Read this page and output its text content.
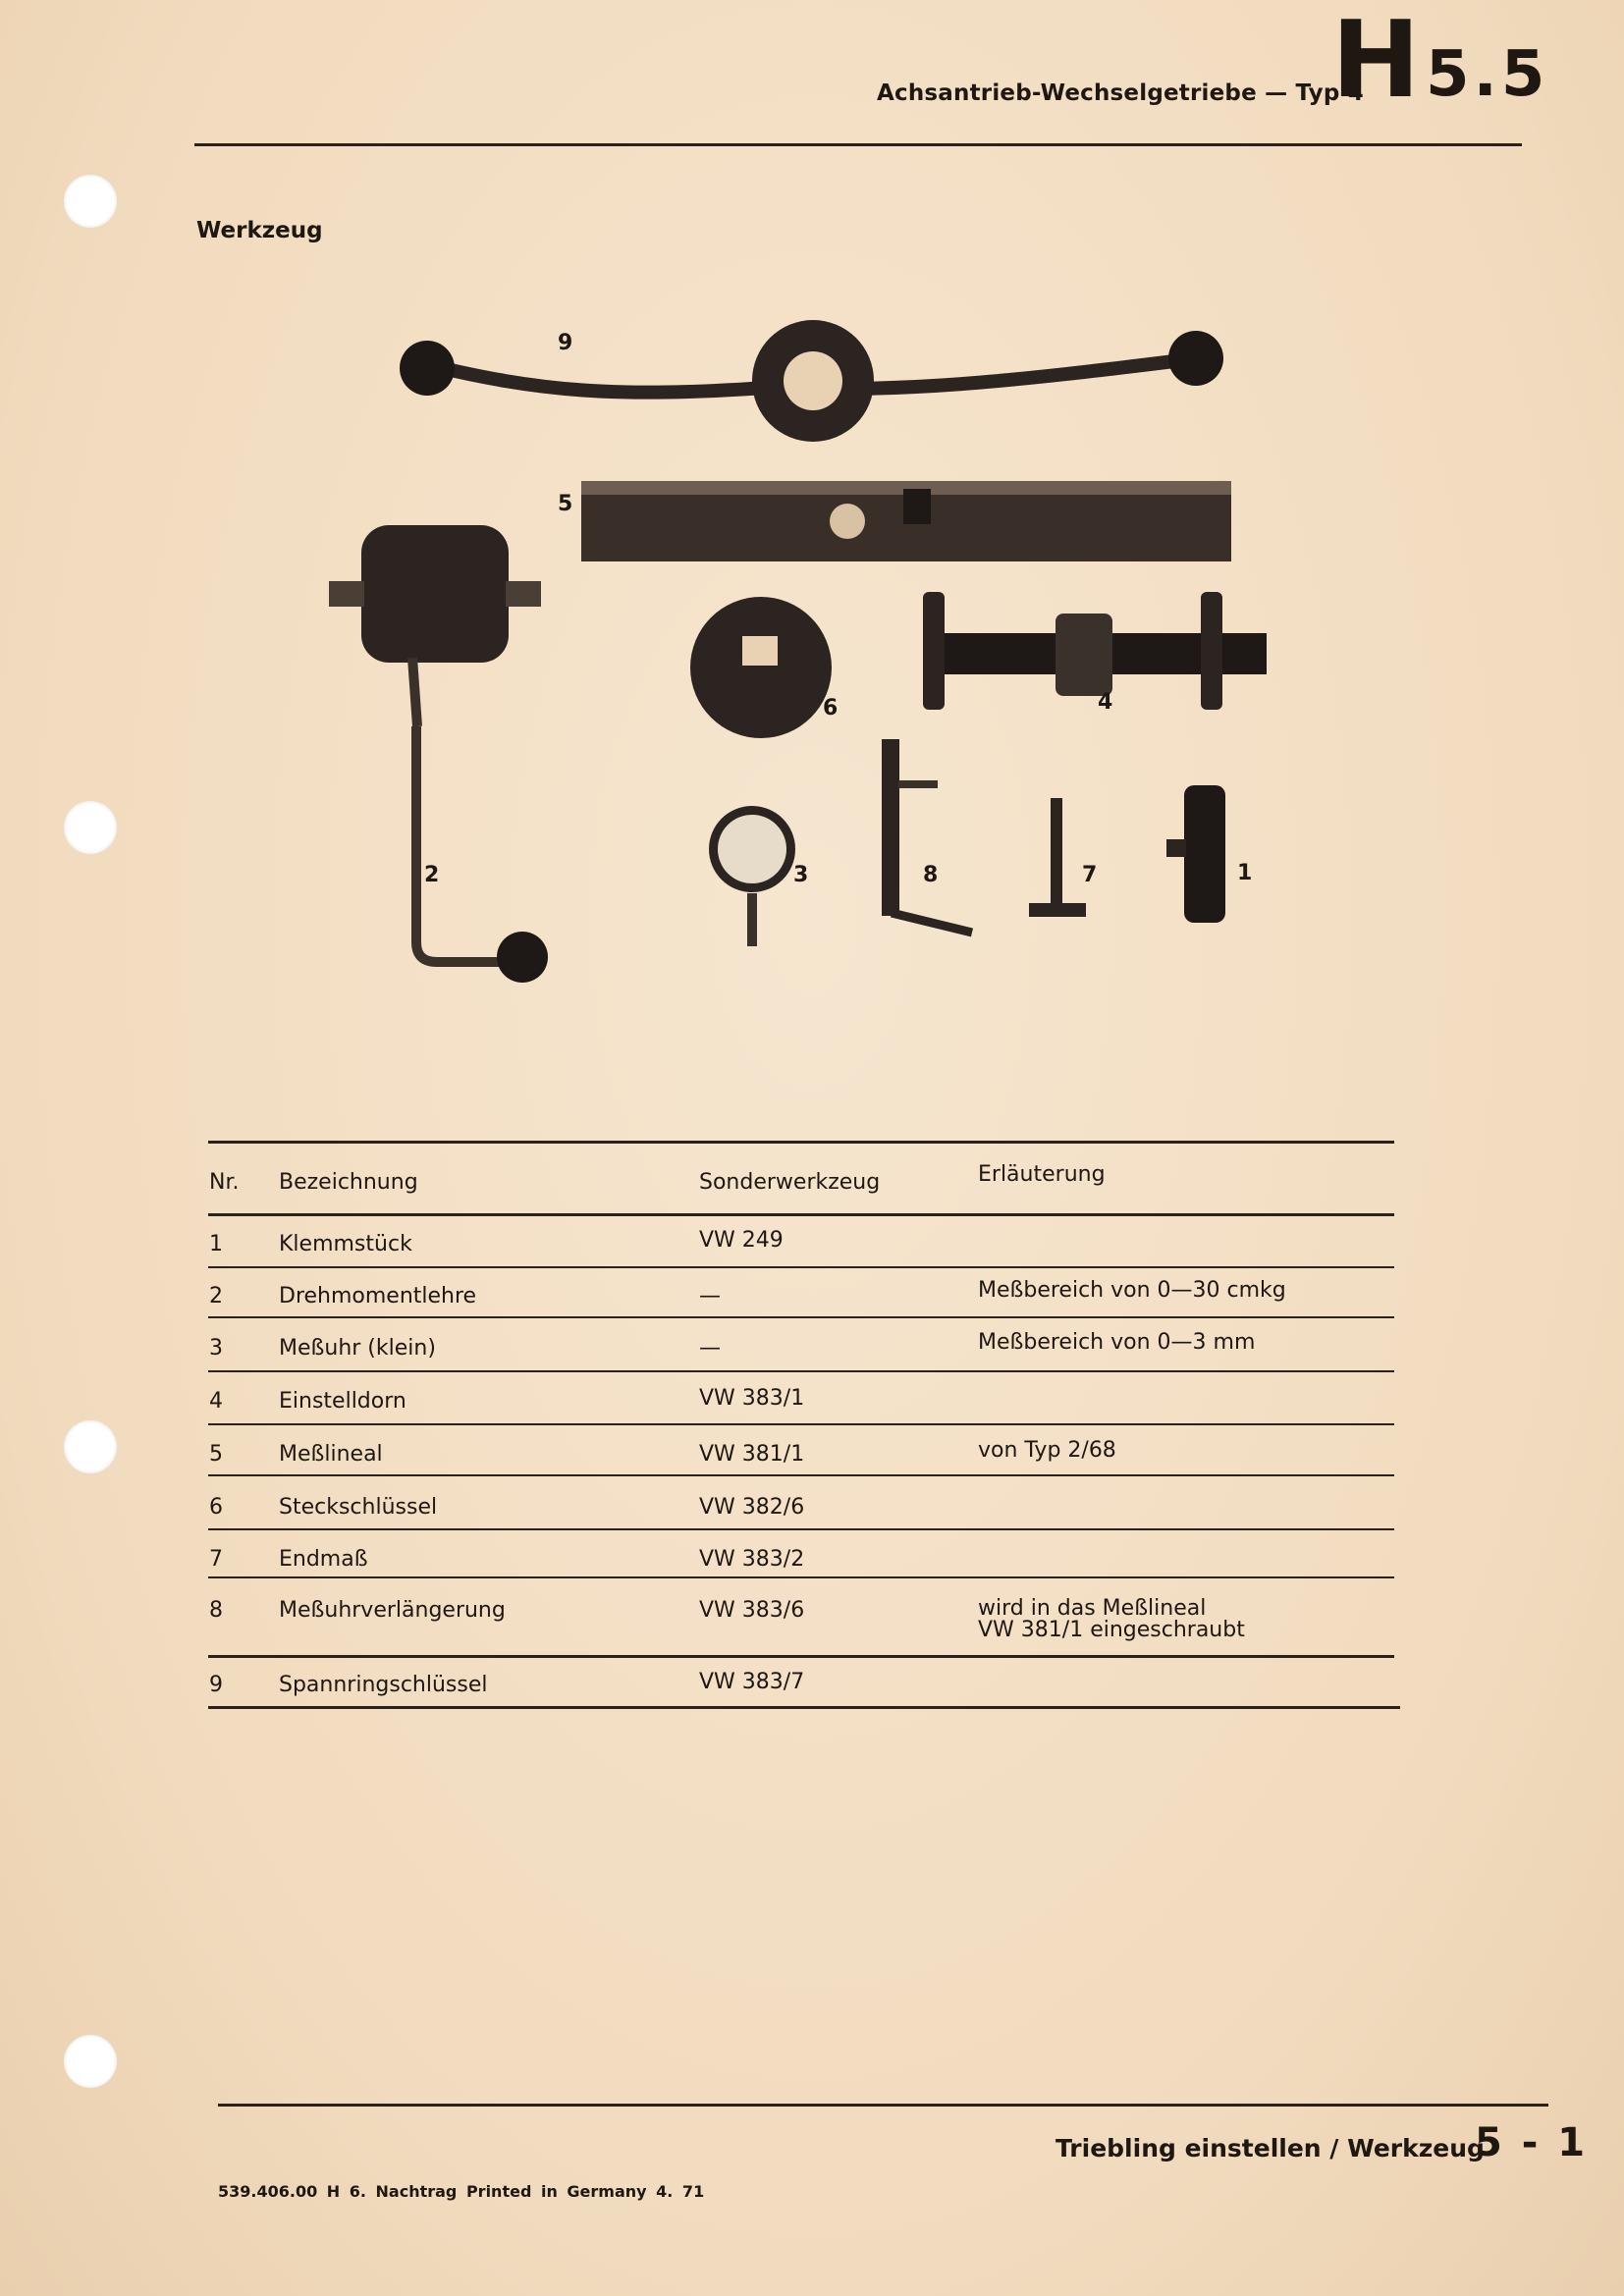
Achsantrieb-Wechselgetriebe — Typ 4
H 5.5
Werkzeug
9
5
2
6	4
3	8	7	1
Nr. Bezeichnung	Sonderwerkzeug	Erläuterung
1	Klemmstück	VW 249
2	Drehmomentlehre	—	Meßbereich von 0—30 cmkg
3	Meßuhr (klein)	—	Meßbereich von 0—3 mm
4	Einstelldorn	VW 383/1
5	Meßlineal	VW 381/1	von Typ 2/68
6	Steckschlüssel	VW 382/6
7	Endmaß	VW 383/2
8	Meßuhrverlängerung	VW 383/6	wird in das Meßlineal
VW 381/1 eingeschraubt
9	Spannringschlüssel	VW 383/7
Triebling einstellen / Werkzeug
5 - 1
539.406.00 H 6. Nachtrag Printed in Germany 4. 71
